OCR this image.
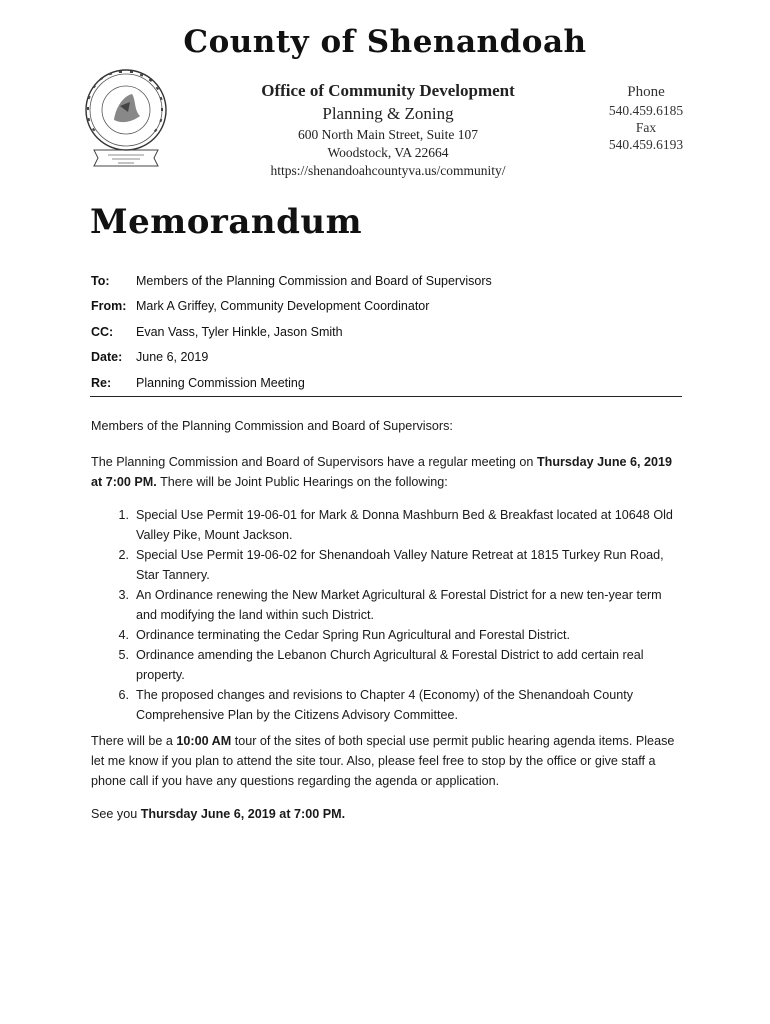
County of Shenandoah
Office of Community Development
Planning & Zoning
600 North Main Street, Suite 107
Woodstock, VA 22664
https://shenandoahcountyva.us/community/
Phone
540.459.6185
Fax
540.459.6193
Memorandum
To:	Members of the Planning Commission and Board of Supervisors
From: Mark A Griffey, Community Development Coordinator
CC:	Evan Vass, Tyler Hinkle, Jason Smith
Date:	June 6, 2019
Re:	Planning Commission Meeting

Members of the Planning Commission and Board of Supervisors:

The Planning Commission and Board of Supervisors have a regular meeting on Thursday June 6, 2019 at 7:00 PM. There will be Joint Public Hearings on the following:

1. Special Use Permit 19-06-01 for Mark & Donna Mashburn Bed & Breakfast located at 10648 Old Valley Pike, Mount Jackson.
2. Special Use Permit 19-06-02 for Shenandoah Valley Nature Retreat at 1815 Turkey Run Road, Star Tannery.
3. An Ordinance renewing the New Market Agricultural & Forestal District for a new ten-year term and modifying the land within such District.
4. Ordinance terminating the Cedar Spring Run Agricultural and Forestal District.
5. Ordinance amending the Lebanon Church Agricultural & Forestal District to add certain real property.
6. The proposed changes and revisions to Chapter 4 (Economy) of the Shenandoah County Comprehensive Plan by the Citizens Advisory Committee.

There will be a 10:00 AM tour of the sites of both special use permit public hearing agenda items. Please let me know if you plan to attend the site tour. Also, please feel free to stop by the office or give staff a phone call if you have any questions regarding the agenda or application.

See you Thursday June 6, 2019 at 7:00 PM.
